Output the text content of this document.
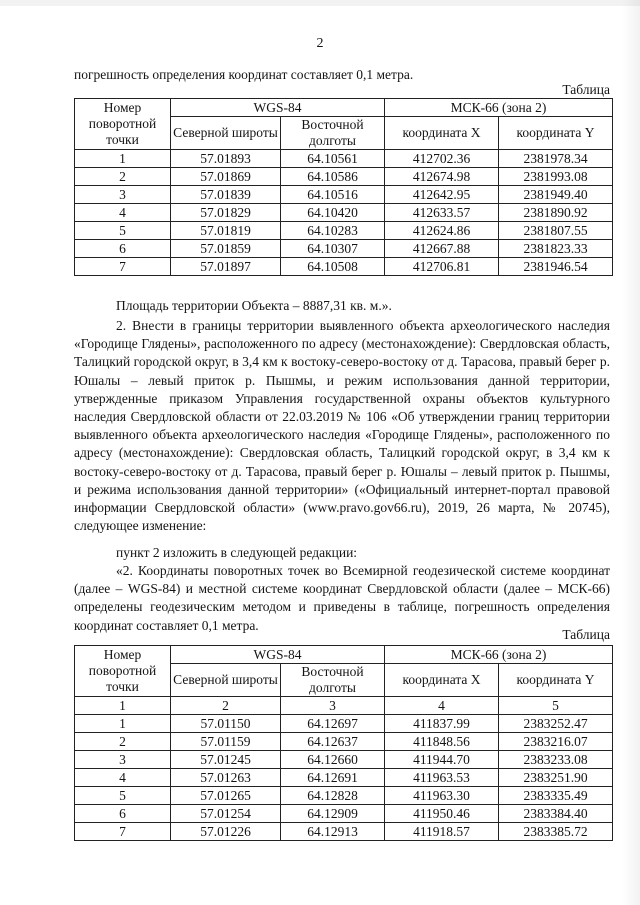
2
погрешность определения координат составляет 0,1 метра.
Таблица
Номер поворотной точки	WGS-84		МСК-66 (зона 2)	
	Северной широты	Восточной долготы	координата X	координата Y
1	57.01893	64.10561	412702.36	2381978.34
2	57.01869	64.10586	412674.98	2381993.08
3	57.01839	64.10516	412642.95	2381949.40
4	57.01829	64.10420	412633.57	2381890.92
5	57.01819	64.10283	412624.86	2381807.55
6	57.01859	64.10307	412667.88	2381823.33
7	57.01897	64.10508	412706.81	2381946.54
Площадь территории Объекта – 8887,31 кв. м.».
2. Внести в границы территории выявленного объекта археологического наследия «Городище Глядены», расположенного по адресу (местонахождение): Свердловская область, Талицкий городской округ, в 3,4 км к востоку-северо-востоку от д. Тарасова, правый берег р. Юшалы – левый приток р. Пышмы, и режим использования данной территории, утвержденные приказом Управления государственной охраны объектов культурного наследия Свердловской области от 22.03.2019 № 106 «Об утверждении границ территории выявленного объекта археологического наследия «Городище Глядены», расположенного по адресу (местонахождение): Свердловская область, Талицкий городской округ, в 3,4 км к востоку-северо-востоку от д. Тарасова, правый берег р. Юшалы – левый приток р. Пышмы, и режима использования данной территории» («Официальный интернет-портал правовой информации Свердловской области» (www.pravo.gov66.ru), 2019, 26 марта, № 20745), следующее изменение:
пункт 2 изложить в следующей редакции:
«2. Координаты поворотных точек во Всемирной геодезической системе координат (далее – WGS-84) и местной системе координат Свердловской области (далее – МСК-66) определены геодезическим методом и приведены в таблице, погрешность определения координат составляет 0,1 метра.
Таблица
Номер поворотной точки	WGS-84		МСК-66 (зона 2)	
	Северной широты	Восточной долготы	координата X	координата Y
1	2	3	4	5
1	57.01150	64.12697	411837.99	2383252.47
2	57.01159	64.12637	411848.56	2383216.07
3	57.01245	64.12660	411944.70	2383233.08
4	57.01263	64.12691	411963.53	2383251.90
5	57.01265	64.12828	411963.30	2383335.49
6	57.01254	64.12909	411950.46	2383384.40
7	57.01226	64.12913	411918.57	2383385.72
